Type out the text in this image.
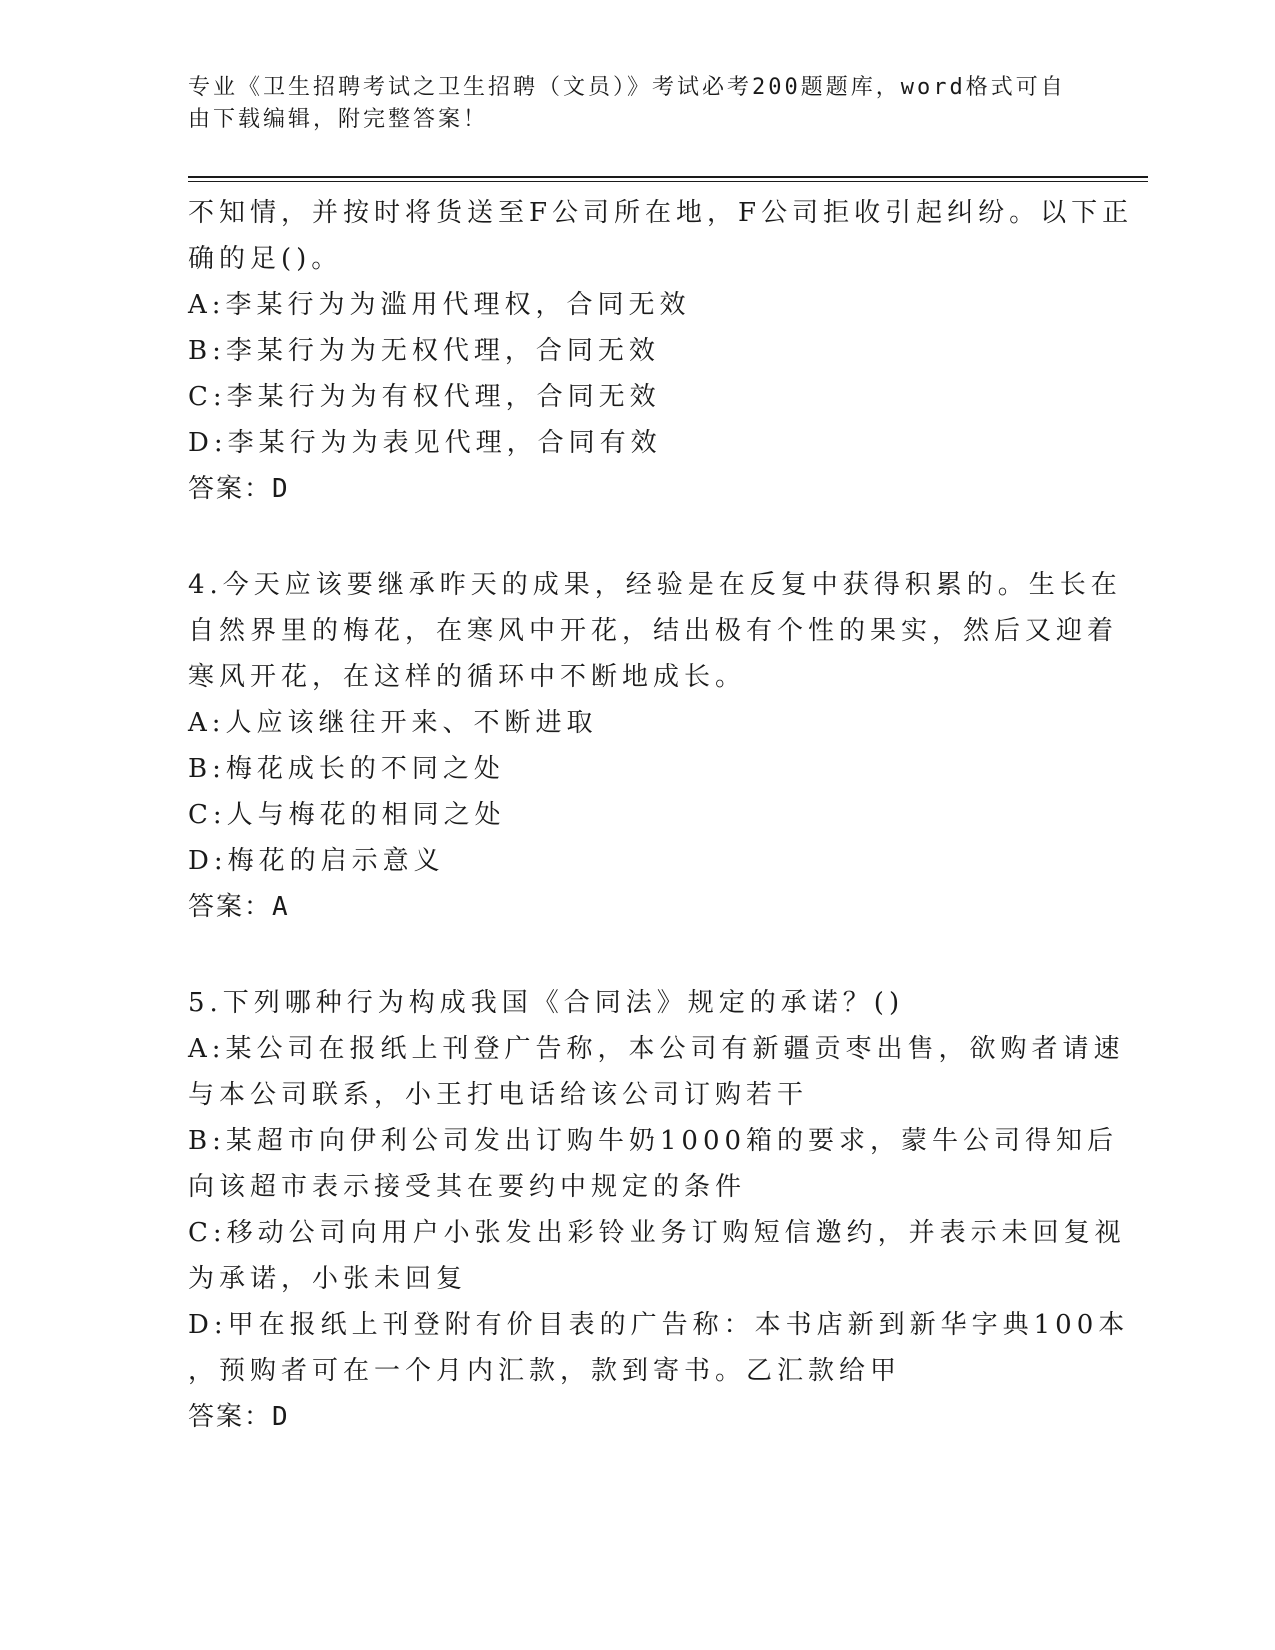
专业《卫生招聘考试之卫生招聘（文员）》考试必考200题题库，word格式可自
由下载编辑，附完整答案！
不知情，并按时将货送至F公司所在地，F公司拒收引起纠纷。以下正
确的足()。
A:李某行为为滥用代理权，合同无效
B:李某行为为无权代理，合同无效
C:李某行为为有权代理，合同无效
D:李某行为为表见代理，合同有效
答案：D
4.今天应该要继承昨天的成果，经验是在反复中获得积累的。生长在
自然界里的梅花，在寒风中开花，结出极有个性的果实，然后又迎着
寒风开花，在这样的循环中不断地成长。
A:人应该继往开来、不断进取
B:梅花成长的不同之处
C:人与梅花的相同之处
D:梅花的启示意义
答案：A
5.下列哪种行为构成我国《合同法》规定的承诺？()
A:某公司在报纸上刊登广告称，本公司有新疆贡枣出售，欲购者请速
与本公司联系，小王打电话给该公司订购若干
B:某超市向伊利公司发出订购牛奶1000箱的要求，蒙牛公司得知后
向该超市表示接受其在要约中规定的条件
C:移动公司向用户小张发出彩铃业务订购短信邀约，并表示未回复视
为承诺，小张未回复
D:甲在报纸上刊登附有价目表的广告称：本书店新到新华字典100本
，预购者可在一个月内汇款，款到寄书。乙汇款给甲
答案：D
